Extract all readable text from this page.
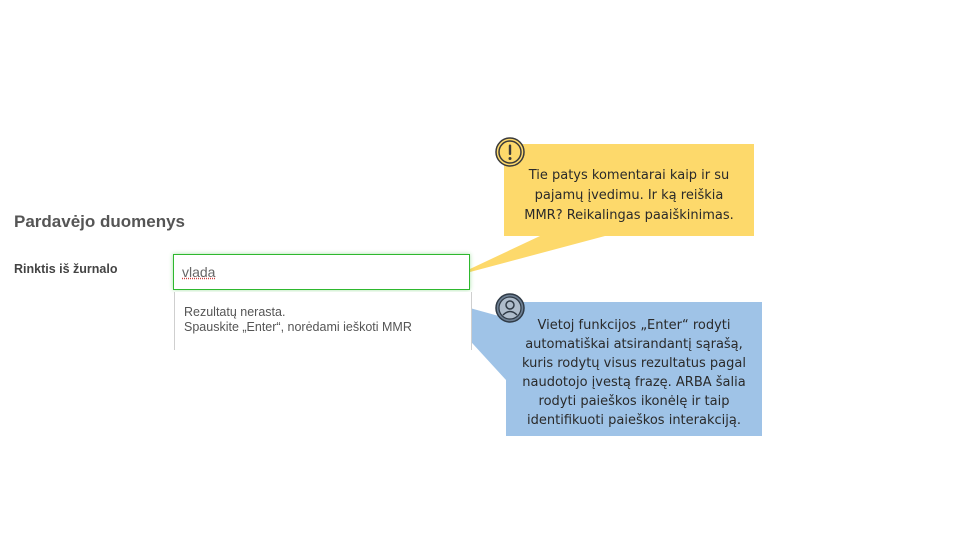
Pardavėjo duomenys
Rinktis iš žurnalo
vlada
Rezultatų nerasta.
Spauskite „Enter“, norėdami ieškoti MMR
Tie patys komentarai kaip ir su pajamų įvedimu. Ir ką reiškia MMR? Reikalingas paaiškinimas.
Vietoj funkcijos „Enter“ rodyti automatiškai atsirandantį sąrašą, kuris rodytų visus rezultatus pagal naudotojo įvestą frazę. ARBA šalia rodyti paieškos ikonėlę ir taip identifikuoti paieškos interakciją.
